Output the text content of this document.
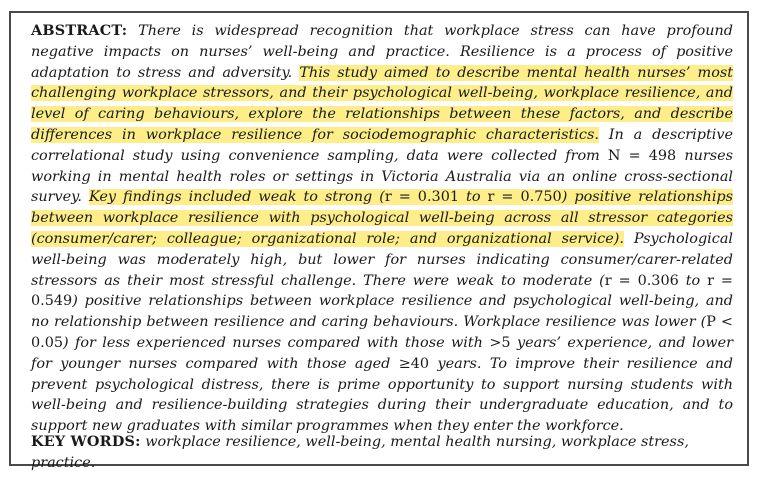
ABSTRACT: There is widespread recognition that workplace stress can have profound negative impacts on nurses’ well-being and practice. Resilience is a process of positive adaptation to stress and adversity. This study aimed to describe mental health nurses’ most challenging workplace stressors, and their psychological well-being, workplace resilience, and level of caring behaviours, explore the relationships between these factors, and describe differences in workplace resilience for sociodemographic characteristics. In a descriptive correlational study using convenience sampling, data were collected from N = 498 nurses working in mental health roles or settings in Victoria Australia via an online cross-sectional survey. Key findings included weak to strong (r = 0.301 to r = 0.750) positive relationships between workplace resilience with psychological well-being across all stressor categories (consumer/carer; colleague; organizational role; and organizational service). Psychological well-being was moderately high, but lower for nurses indicating consumer/carer-related stressors as their most stressful challenge. There were weak to moderate (r = 0.306 to r = 0.549) positive relationships between workplace resilience and psychological well-being, and no relationship between resilience and caring behaviours. Workplace resilience was lower (P < 0.05) for less experienced nurses compared with those with >5 years’ experience, and lower for younger nurses compared with those aged ≥40 years. To improve their resilience and prevent psychological distress, there is prime opportunity to support nursing students with well-being and resilience-building strategies during their undergraduate education, and to support new graduates with similar programmes when they enter the workforce.

KEY WORDS: workplace resilience, well-being, mental health nursing, workplace stress, practice.
